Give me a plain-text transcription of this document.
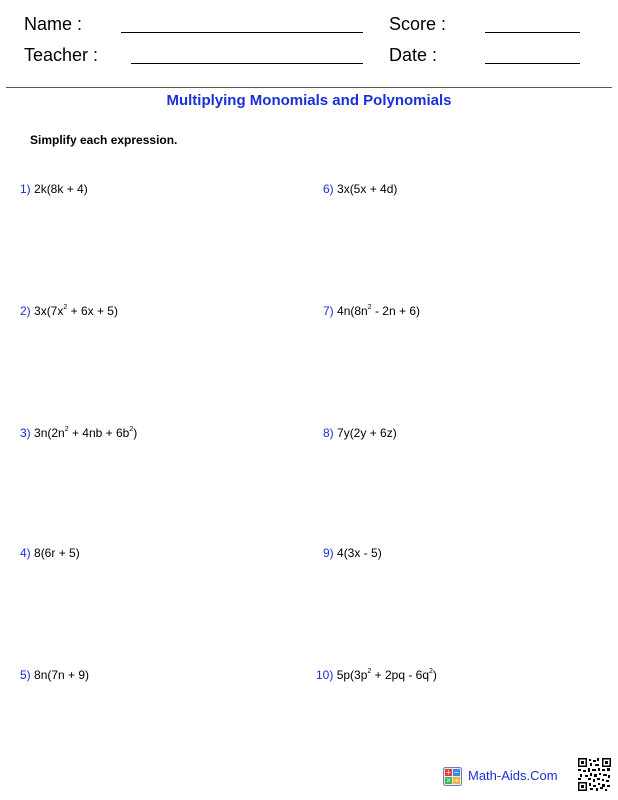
Name :	Score :
Teacher :	Date :
Multiplying Monomials and Polynomials
Simplify each expression.
1) 2k(8k + 4)
2) $3x(7x^2 + 6x + 5)$
3) $3n(2n^2 + 4nb + 6b^2)$
4) 8(6r + 5)
5) 8n(7n + 9)
6) 3x(5x + 4d)
7) $4n(8n^2 - 2n + 6)$
8) 7y(2y + 6z)
9) 4(3x - 5)
10) $5p(3p^2 + 2pq - 6q^2)$
+ −
× ÷ Math-Aids.Com
